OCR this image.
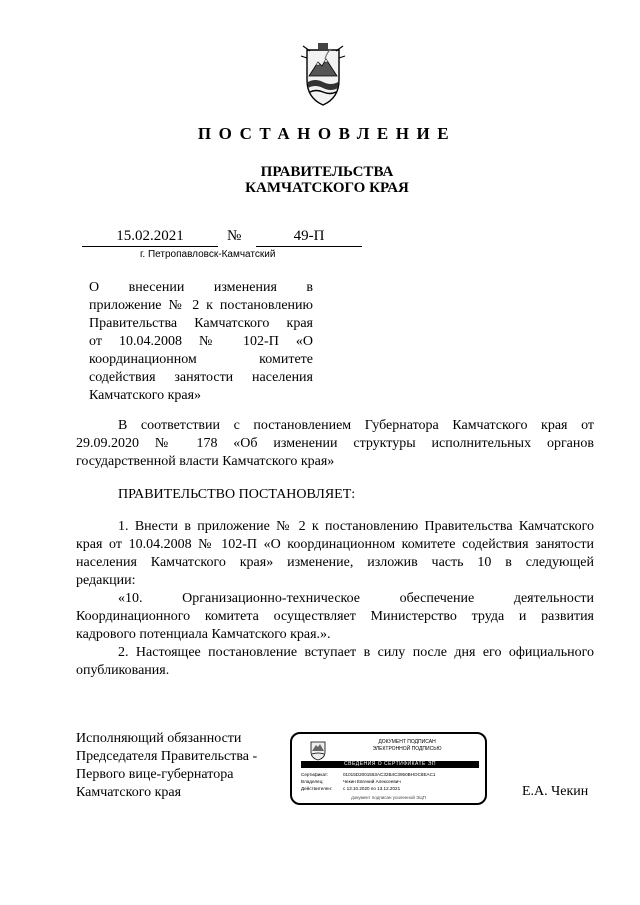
ПОСТАНОВЛЕНИЕ
ПРАВИТЕЛЬСТВА
КАМЧАТСКОГО КРАЯ
15.02.2021	№	49-П
г. Петропавловск-Камчатский
О внесении изменения в
приложение № 2 к постановлению
Правительства Камчатского края
от 10.04.2008 № 102-П «О
координационном комитете
содействия занятости населения
Камчатского края»
В соответствии с постановлением Губернатора Камчатского края от
29.09.2020 № 178 «Об изменении структуры исполнительных органов
государственной власти Камчатского края»
ПРАВИТЕЛЬСТВО ПОСТАНОВЛЯЕТ:
1. Внести в приложение № 2 к постановлению Правительства Камчатского
края от 10.04.2008 № 102-П «О координационном комитете содействия занятости
населения Камчатского края» изменение, изложив часть 10 в следующей
редакции:
«10. Организационно-техническое обеспечение деятельности
Координационного комитета осуществляет Министерство труда и развития
кадрового потенциала Камчатского края.».
2. Настоящее постановление вступает в силу после дня его официального
опубликования.
Исполняющий обязанности
Председателя Правительства -
Первого вице-губернатора
Камчатского края
ДОКУМЕНТ ПОДПИСАН
ЭЛЕКТРОННОЙ ПОДПИСЬЮ
СВЕДЕНИЯ О СЕРТИФИКАТЕ ЭП
Сертификат:	01015D2001553AC32B4C3950BHOC8EAC1
Владелец:	Чекин Евгений Алексеевич
Действителен: с 13.10.2020 по 13.12.2021
документ подписан усиленной ЭЦП	Е.А. Чекин
